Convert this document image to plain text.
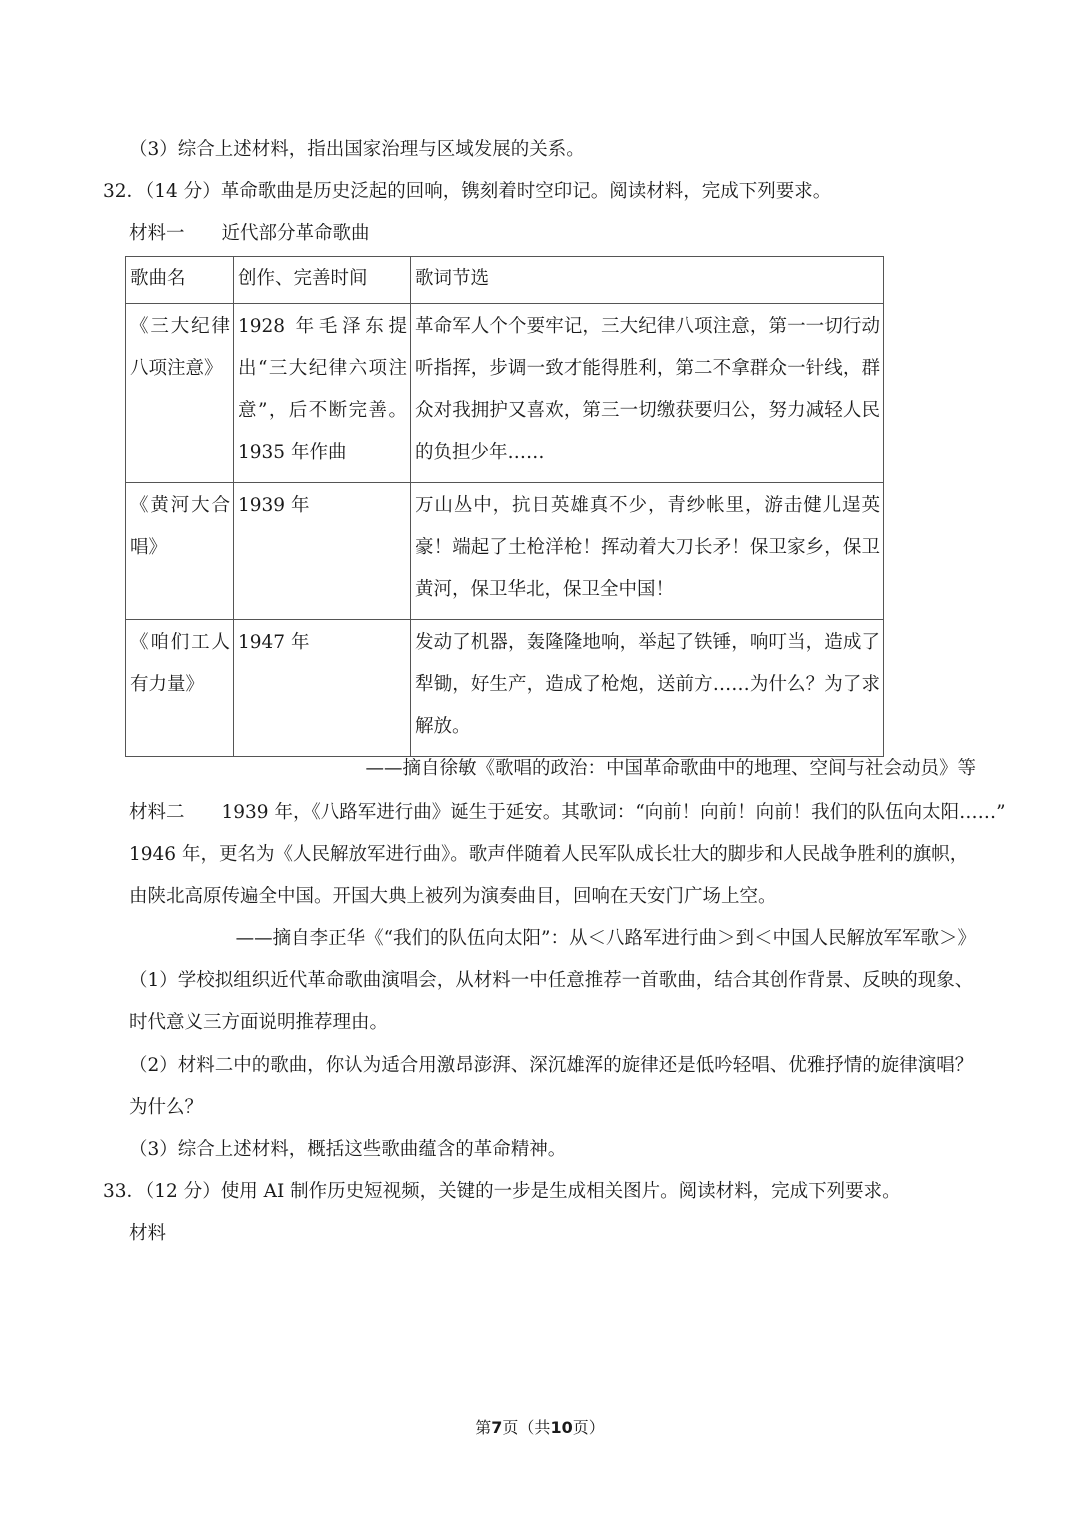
（3）综合上述材料，指出国家治理与区域发展的关系。
32．（14 分）革命歌曲是历史泛起的回响，镌刻着时空印记。阅读材料，完成下列要求。
材料一　　近代部分革命歌曲
歌曲名	创作、完善时间	歌词节选
《三大纪律八项注意》	1928 年毛泽东提出“三大纪律六项注意”，后不断完善。1935 年作曲	革命军人个个要牢记，三大纪律八项注意，第一一切行动听指挥，步调一致才能得胜利，第二不拿群众一针线，群众对我拥护又喜欢，第三一切缴获要归公，努力减轻人民的负担少年……
《黄河大合唱》	1939 年	万山丛中，抗日英雄真不少，青纱帐里，游击健儿逞英豪！端起了土枪洋枪！挥动着大刀长矛！保卫家乡，保卫黄河，保卫华北，保卫全中国！
《咱们工人有力量》	1947 年	发动了机器，轰隆隆地响，举起了铁锤，响叮当，造成了犁锄，好生产，造成了枪炮，送前方……为什么？为了求解放。
——摘自徐敏《歌唱的政治：中国革命歌曲中的地理、空间与社会动员》等
材料二　　1939 年，《八路军进行曲》诞生于延安。其歌词：“向前！向前！向前！我们的队伍向太阳……”
1946 年，更名为《人民解放军进行曲》。歌声伴随着人民军队成长壮大的脚步和人民战争胜利的旗帜，
由陕北高原传遍全中国。开国大典上被列为演奏曲目，回响在天安门广场上空。
——摘自李正华《“我们的队伍向太阳”：从＜八路军进行曲＞到＜中国人民解放军军歌＞》
（1）学校拟组织近代革命歌曲演唱会，从材料一中任意推荐一首歌曲，结合其创作背景、反映的现象、
时代意义三方面说明推荐理由。
（2）材料二中的歌曲，你认为适合用激昂澎湃、深沉雄浑的旋律还是低吟轻唱、优雅抒情的旋律演唱？
为什么？
（3）综合上述材料，概括这些歌曲蕴含的革命精神。
33．（12 分）使用 AI 制作历史短视频，关键的一步是生成相关图片。阅读材料，完成下列要求。
材料
第7页（共10页）
